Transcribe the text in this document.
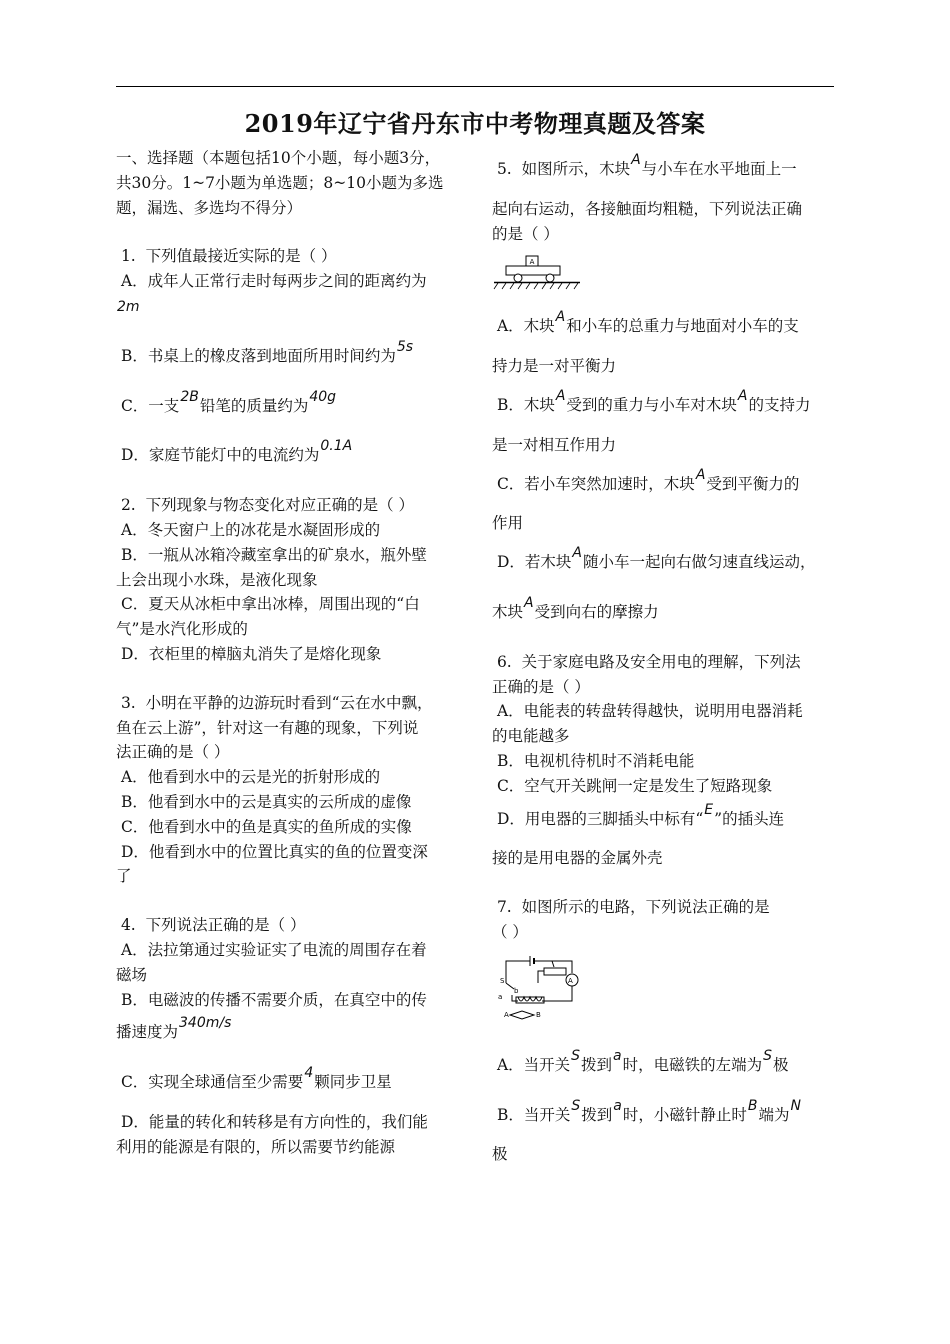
2019年辽宁省丹东市中考物理真题及答案
一、选择题（本题包括10个小题，每小题3分，
共30分。1~7小题为单选题；8~10小题为多选
题，漏选、多选均不得分）
1.  下列值最接近实际的是（ ）
A．成年人正常行走时每两步之间的距离约为
2m
B．书桌上的橡皮落到地面所用时间约为5s
C．一支2B铅笔的质量约为40g
D．家庭节能灯中的电流约为0.1A
2.  下列现象与物态变化对应正确的是（ ）
A．冬天窗户上的冰花是水凝固形成的
B．一瓶从冰箱冷藏室拿出的矿泉水，瓶外壁
上会出现小水珠，是液化现象
C．夏天从冰柜中拿出冰棒，周围出现的“白
气”是水汽化形成的
D．衣柜里的樟脑丸消失了是熔化现象
3.  小明在平静的边游玩时看到“云在水中飘，
鱼在云上游”，针对这一有趣的现象，下列说
法正确的是（ ）
A．他看到水中的云是光的折射形成的
B．他看到水中的云是真实的云所成的虚像
C．他看到水中的鱼是真实的鱼所成的实像
D．他看到水中的位置比真实的鱼的位置变深
了
4.  下列说法正确的是（ ）
A．法拉第通过实验证实了电流的周围存在着
磁场
B．电磁波的传播不需要介质，在真空中的传
播速度为340m/s
C．实现全球通信至少需要4颗同步卫星
D．能量的转化和转移是有方向性的，我们能
利用的能源是有限的，所以需要节约能源
5.  如图所示，木块A与小车在水平地面上一
起向右运动，各接触面均粗糙，下列说法正确
的是（ ）
A
A．木块A和小车的总重力与地面对小车的支
持力是一对平衡力
B．木块A受到的重力与小车对木块A的支持力
是一对相互作用力
C．若小车突然加速时，木块A受到平衡力的
作用
D．若木块A随小车一起向右做匀速直线运动，
木块A受到向右的摩擦力
6.  关于家庭电路及安全用电的理解，下列法
正确的是（ ）
A．电能表的转盘转得越快，说明用电器消耗
的电能越多
B．电视机待机时不消耗电能
C．空气开关跳闸一定是发生了短路现象
D．用电器的三脚插头中标有“E”的插头连
接的是用电器的金属外壳
7.  如图所示的电路，下列说法正确的是
（ ）
A
S
a
b
A	B
A．当开关S拨到a时，电磁铁的左端为S极
B．当开关S拨到a时，小磁针静止时B端为N
极
